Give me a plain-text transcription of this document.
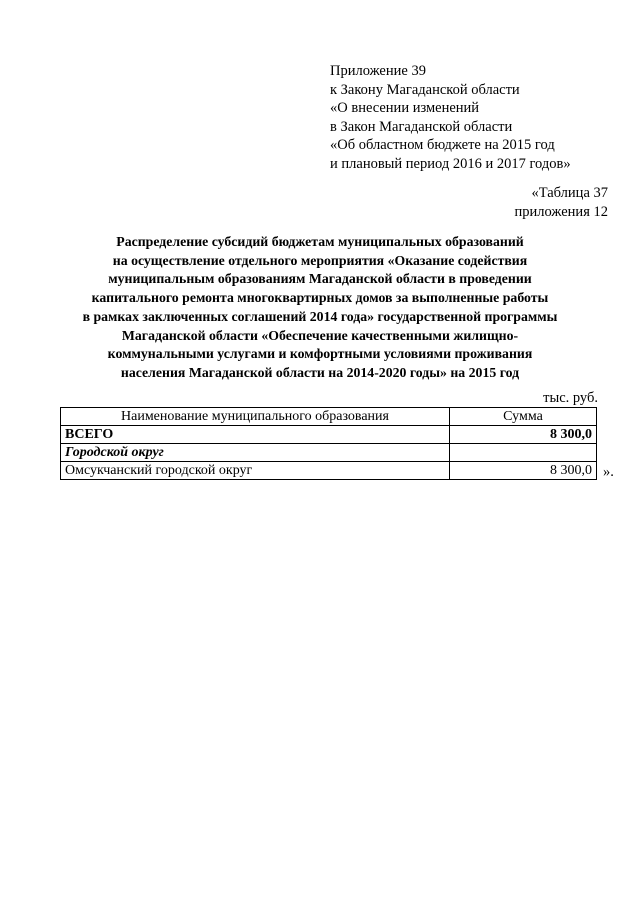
Приложение 39
к Закону Магаданской области
«О внесении изменений
в Закон Магаданской области
«Об областном бюджете на 2015 год
и плановый период 2016 и 2017 годов»
«Таблица 37
приложения 12
Распределение субсидий бюджетам муниципальных образований
на осуществление отдельного мероприятия «Оказание содействия
муниципальным образованиям Магаданской области в проведении
капитального ремонта многоквартирных домов за выполненные работы
в рамках заключенных соглашений 2014 года» государственной программы
Магаданской области «Обеспечение качественными жилищно-
коммунальными услугами и комфортными условиями проживания
населения Магаданской области на 2014-2020 годы» на 2015 год
тыс. руб.
Наименование муниципального образования	Сумма
ВСЕГО	8 300,0
Городской округ	
Омсукчанский городской округ	8 300,0 ».
